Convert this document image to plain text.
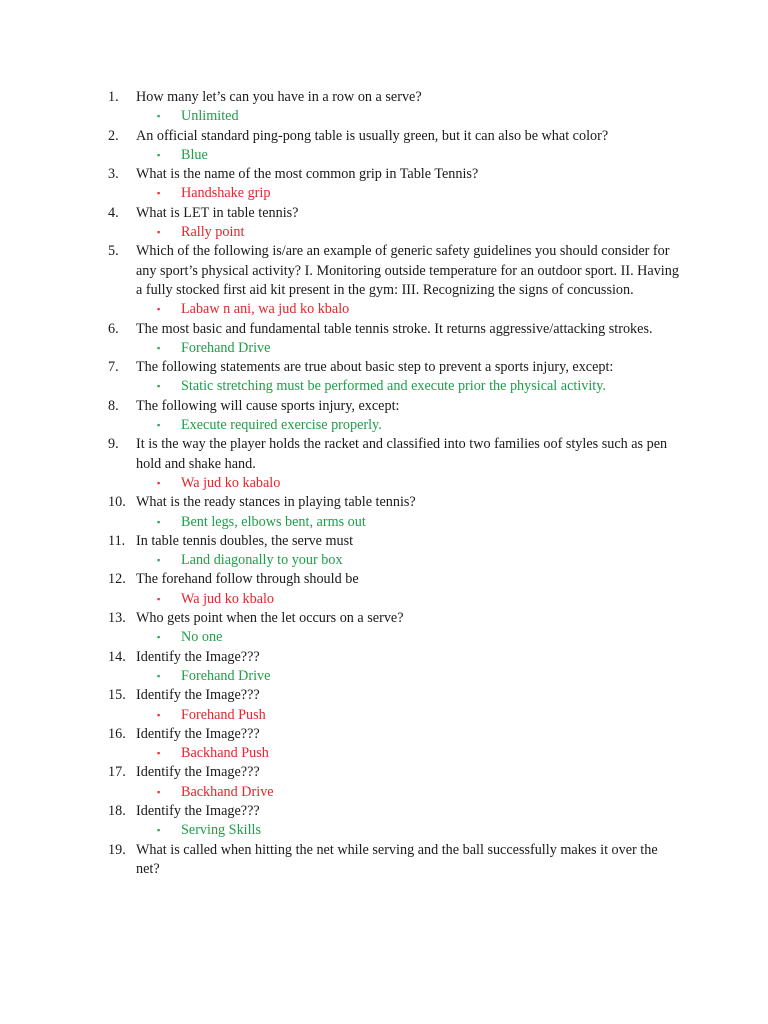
1. How many let’s can you have in a row on a serve?
▪ Unlimited
2. An official standard ping-pong table is usually green, but it can also be what color?
▪ Blue
3. What is the name of the most common grip in Table Tennis?
▪ Handshake grip
4. What is LET in table tennis?
▪ Rally point
5. Which of the following is/are an example of generic safety guidelines you should consider for any sport’s physical activity? I. Monitoring outside temperature for an outdoor sport. II. Having a fully stocked first aid kit present in the gym: III. Recognizing the signs of concussion.
▪ Labaw n ani, wa jud ko kbalo
6. The most basic and fundamental table tennis stroke. It returns aggressive/attacking strokes.
▪ Forehand Drive
7. The following statements are true about basic step to prevent a sports injury, except:
▪ Static stretching must be performed and execute prior the physical activity.
8. The following will cause sports injury, except:
▪ Execute required exercise properly.
9. It is the way the player holds the racket and classified into two families oof styles such as pen hold and shake hand.
▪ Wa jud ko kabalo
10. What is the ready stances in playing table tennis?
▪ Bent legs, elbows bent, arms out
11. In table tennis doubles, the serve must
▪ Land diagonally to your box
12. The forehand follow through should be
▪ Wa jud ko kbalo
13. Who gets point when the let occurs on a serve?
▪ No one
14. Identify the Image???
▪ Forehand Drive
15. Identify the Image???
▪ Forehand Push
16. Identify the Image???
▪ Backhand Push
17. Identify the Image???
▪ Backhand Drive
18. Identify the Image???
▪ Serving Skills
19. What is called when hitting the net while serving and the ball successfully makes it over the net?
